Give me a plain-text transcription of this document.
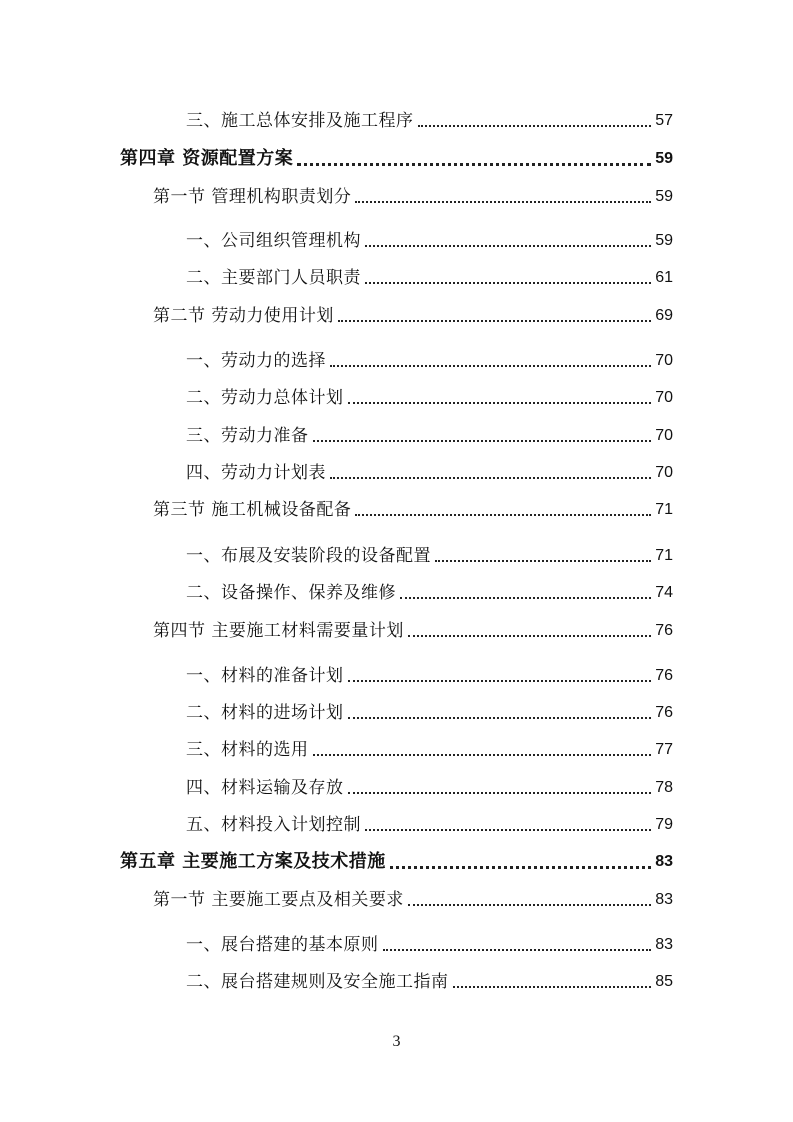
三、施工总体安排及施工程序	57
第四章 资源配置方案	59
第一节 管理机构职责划分	59
一、公司组织管理机构	59
二、主要部门人员职责	61
第二节 劳动力使用计划	69
一、劳动力的选择	70
二、劳动力总体计划	70
三、劳动力准备	70
四、劳动力计划表	70
第三节 施工机械设备配备	71
一、布展及安装阶段的设备配置	71
二、设备操作、保养及维修	74
第四节 主要施工材料需要量计划	76
一、材料的准备计划	76
二、材料的进场计划	76
三、材料的选用	77
四、材料运输及存放	78
五、材料投入计划控制	79
第五章 主要施工方案及技术措施	83
第一节 主要施工要点及相关要求	83
一、展台搭建的基本原则	83
二、展台搭建规则及安全施工指南	85
3
